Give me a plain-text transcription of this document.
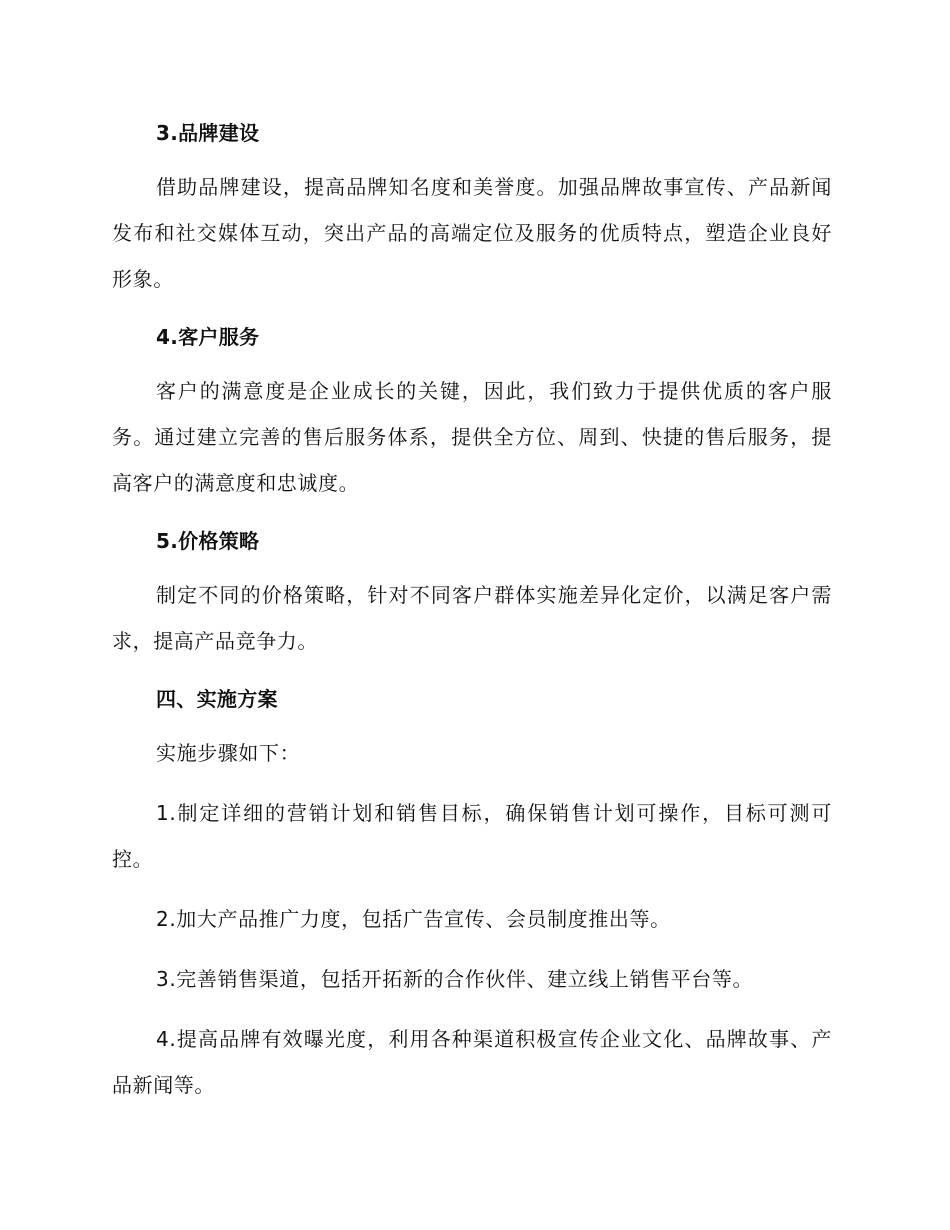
3.品牌建设

借助品牌建设，提高品牌知名度和美誉度。加强品牌故事宣传、产品新闻发布和社交媒体互动，突出产品的高端定位及服务的优质特点，塑造企业良好形象。

4.客户服务

客户的满意度是企业成长的关键，因此，我们致力于提供优质的客户服务。通过建立完善的售后服务体系，提供全方位、周到、快捷的售后服务，提高客户的满意度和忠诚度。

5.价格策略

制定不同的价格策略，针对不同客户群体实施差异化定价，以满足客户需求，提高产品竞争力。

四、实施方案

实施步骤如下：

1.制定详细的营销计划和销售目标，确保销售计划可操作，目标可测可控。

2.加大产品推广力度，包括广告宣传、会员制度推出等。

3.完善销售渠道，包括开拓新的合作伙伴、建立线上销售平台等。

4.提高品牌有效曝光度，利用各种渠道积极宣传企业文化、品牌故事、产品新闻等。
